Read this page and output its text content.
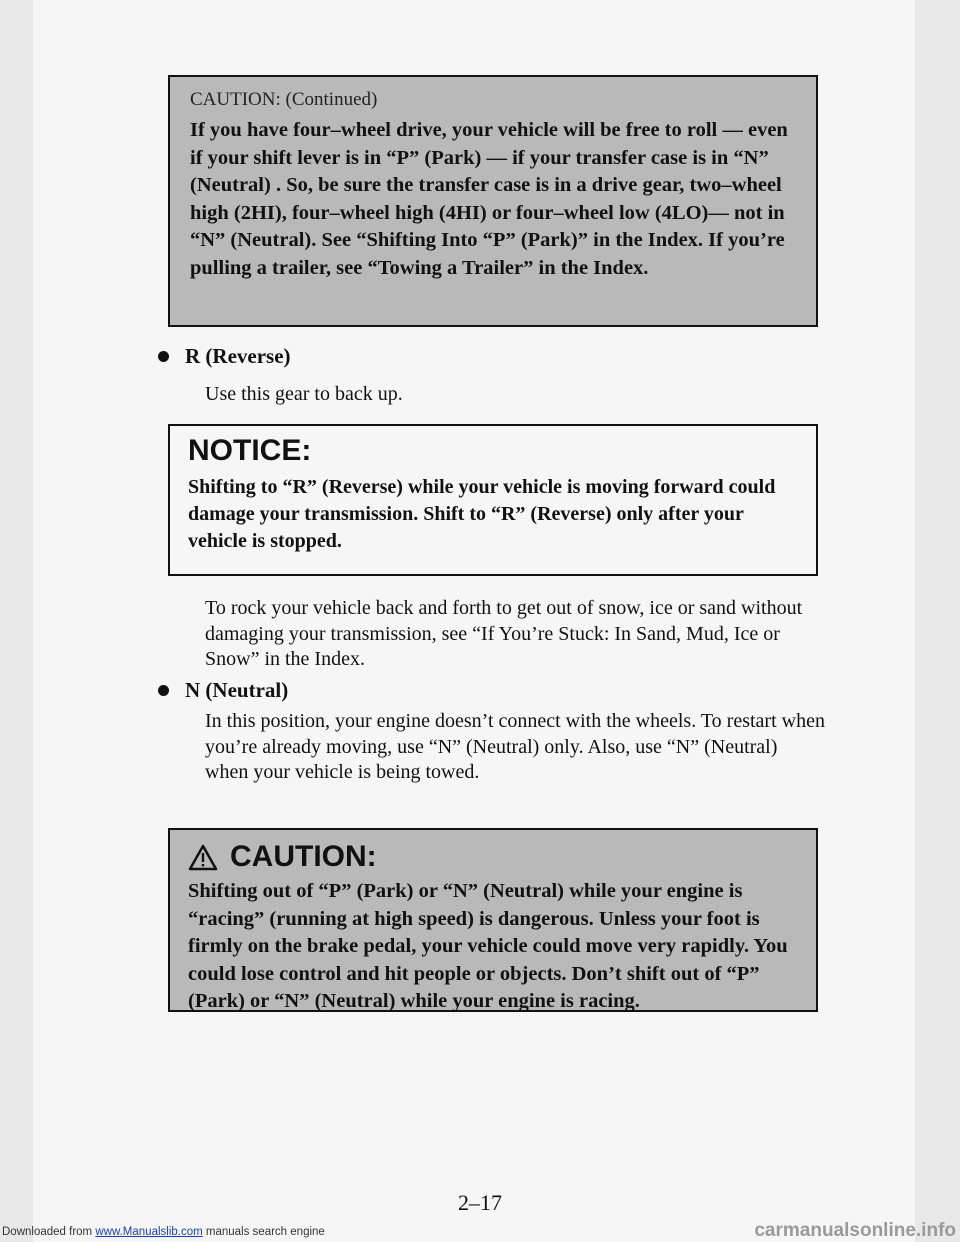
CAUTION: (Continued)
If you have four–wheel drive, your vehicle will be free to roll — even if your shift lever is in “P” (Park) — if your transfer case is in “N” (Neutral) . So, be sure the transfer case is in a drive gear, two–wheel high (2HI), four–wheel high (4HI) or four–wheel low (4LO)— not in “N” (Neutral). See “Shifting Into “P” (Park)” in the Index. If you’re pulling a trailer, see “Towing a Trailer” in the Index.
R (Reverse)
Use this gear to back up.
NOTICE:
Shifting to “R” (Reverse) while your vehicle is moving forward could damage your transmission. Shift to “R” (Reverse) only after your vehicle is stopped.
To rock your vehicle back and forth to get out of snow, ice or sand without damaging your transmission, see “If You’re Stuck: In Sand, Mud, Ice or Snow” in the Index.
N (Neutral)
In this position, your engine doesn’t connect with the wheels. To restart when you’re already moving, use “N” (Neutral) only. Also, use “N” (Neutral) when your vehicle is being towed.
CAUTION:
Shifting out of “P” (Park) or “N” (Neutral) while your engine is “racing” (running at high speed) is dangerous. Unless your foot is firmly on the brake pedal, your vehicle could move very rapidly. You could lose control and hit people or objects. Don’t shift out of “P” (Park) or “N” (Neutral) while your engine is racing.
2–17
Downloaded from www.Manualslib.com manuals search engine	carmanualsonline.info
